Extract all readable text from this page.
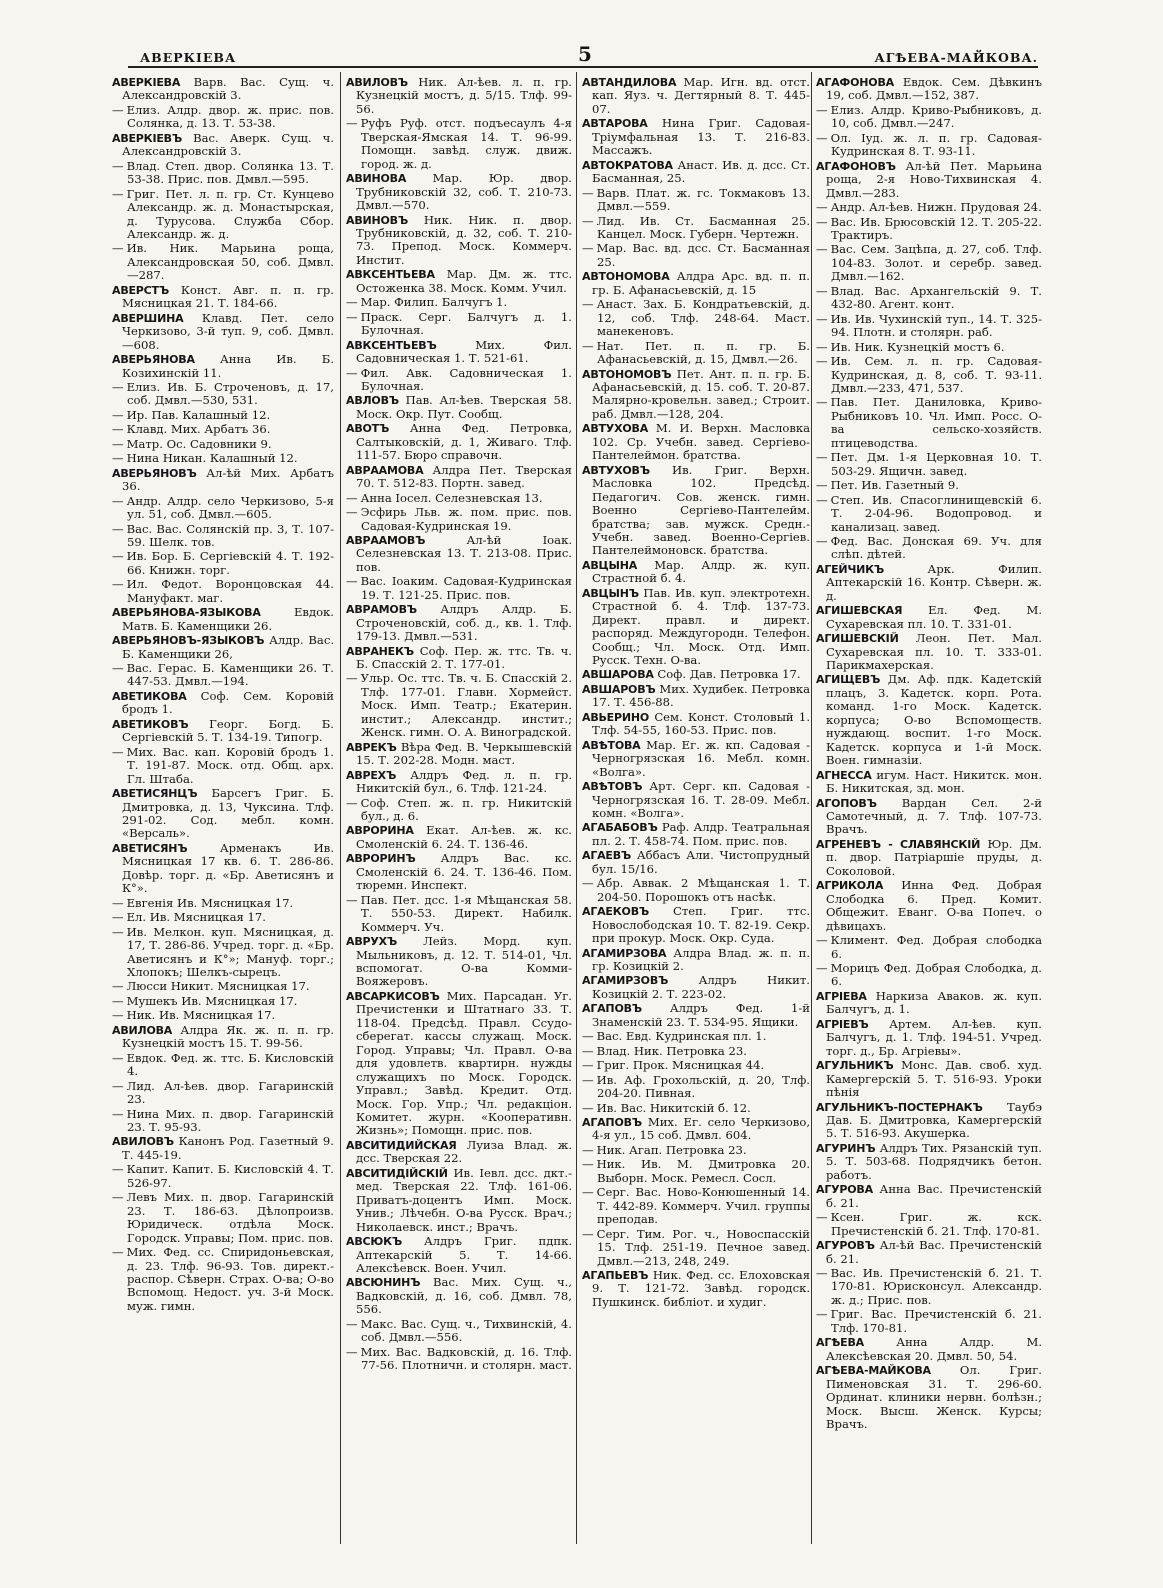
АВЕРКІЕВА	5	АГѢЕВА-МАЙКОВА.
АВЕРКІЕВА Варв. Вас. Сущ. ч. Александровскій 3.
— Елиз. Алдр. двор. ж. прис. пов. Солянка, д. 13. Т. 53-38.
АВЕРКІЕВЪ Вас. Аверк. Сущ. ч. Александровскій 3.
— Влад. Степ. двор. Солянка 13. Т. 53-38. Прис. пов. Дмвл.—595.
— Григ. Пет. л. п. гр. Ст. Кунцево Александр. ж. д. Монастырская, д. Турусова. Служба Сбор. Александр. ж. д.
— Ив. Ник. Марьина роща, Александровская 50, соб. Дмвл.—287.
АВЕРСТЪ Конст. Авг. п. п. гр. Мясницкая 21. Т. 184-66.
АВЕРШИНА Клавд. Пет. село Черкизово, 3-й туп. 9, соб. Дмвл.—608.
АВЕРЬЯНОВА Анна Ив. Б. Козихинскій 11.
— Елиз. Ив. Б. Строченовъ, д. 17, соб. Дмвл.—530, 531.
— Ир. Пав. Калашный 12.
— Клавд. Мих. Арбатъ 36.
— Матр. Ос. Садовники 9.
— Нина Никан. Калашный 12.
АВЕРЬЯНОВЪ Ал-ѣй Мих. Арбатъ 36.
— Андр. Алдр. село Черкизово, 5-я ул. 51, соб. Дмвл.—605.
— Вас. Вас. Солянскій пр. 3, Т. 107-59. Шелк. тов.
— Ив. Бор. Б. Сергіевскій 4. Т. 192-66. Книжн. торг.
— Ил. Федот. Воронцовская 44. Мануфакт. маг.
АВЕРЬЯНОВА-ЯЗЫКОВА	Евдок. Матв. Б. Каменщики 26.
АВЕРЬЯНОВЪ-ЯЗЫКОВЪ Алдр. Вас. Б. Каменщики 26,
— Вас. Герас. Б. Каменщики 26. Т. 447-53. Дмвл.—194.
АВЕТИКОВА Соф. Сем. Коровій бродъ 1.
АВЕТИКОВЪ Георг. Богд. Б. Сергіевскій 5. Т. 134-19. Типогр.
— Мих. Вас. кап. Коровій бродъ 1. Т. 191-87. Моск. отд. Общ. арх. Гл. Штаба.
АВЕТИСЯНЦЪ Барсегъ Григ. Б. Дмитровка, д. 13, Чуксина. Тлф. 291-02. Сод. мебл. комн. «Версаль».
АВЕТИСЯНЪ	Арменакъ Ив. Мясницкая 17 кв. 6. Т. 286-86. Довѣр. торг. д. «Бр. Аветисянъ и К°».
— Евгенія Ив. Мясницкая 17.
— Ел. Ив. Мясницкая 17.
— Ив. Мелкон. куп. Мясницкая, д. 17, Т. 286-86. Учред. торг. д. «Бр. Аветисянъ и К°»; Мануф. торг.; Хлопокъ; Шелкъ-сырецъ.
— Люсси Никит. Мясницкая 17.
— Мушекъ Ив. Мясницкая 17.
— Ник. Ив. Мясницкая 17.
АВИЛОВА Алдра Як. ж. п. п. гр. Кузнецкій мостъ 15. Т. 99-56.
— Евдок. Фед. ж. ттс. Б. Кисловскій 4.
— Лид. Ал-ѣев. двор. Гагаринскій 23.
— Нина Мих. п. двор. Гагаринскій 23. Т. 95-93.
АВИЛОВЪ Канонъ Род. Газетный 9. Т. 445-19.
— Капит. Капит. Б. Кисловскій 4. Т. 526-97.
— Левъ Мих. п. двор. Гагаринскій 23. Т. 186-63. Дѣлопроизв. Юридическ. отдѣла Моск. Городск. Управы; Пом. прис. пов.
— Мих. Фед. сс. Спиридоньевская, д. 23. Тлф. 96-93. Тов. директ.-распор. Сѣверн. Страх. О-ва; О-во Вспомощ. Недост. уч. 3-й Моск. муж. гимн.
АВИЛОВЪ Ник. Ал-ѣев. л. п. гр. Кузнецкій мостъ, д. 5/15. Тлф. 99-56.
— Руфъ Руф. отст. подъесаулъ 4-я Тверская-Ямская 14. Т. 96-99. Помощн. завѣд. служ. движ. город. ж. д.
АВИНОВА Мар. Юр. двор. Трубниковскій 32, соб. Т. 210-73. Дмвл.—570.
АВИНОВЪ Ник. Ник. п. двор. Трубниковскій, д. 32, соб. Т. 210-73. Препод. Моск. Коммерч. Инстит.
АВКСЕНТЬЕВА Мар. Дм. ж. ттс. Остоженка 38. Моск. Комм. Учил.
— Мар. Филип. Балчугъ 1.
— Праск. Серг. Балчугъ д. 1. Булочная.
АВКСЕНТЬЕВЪ	Мих. Фил. Садовническая 1. Т. 521-61.
— Фил. Авк. Садовническая 1. Булочная.
АВЛОВЪ Пав. Ал-ѣев. Тверская 58. Моск. Окр. Пут. Сообщ.
АВОТЪ Анна Фед. Петровка, Салтыковскій, д. 1, Живаго. Тлф. 111-57. Бюро справочн.
АВРААМОВА Алдра Пет. Тверская 70. Т. 512-83. Портн. завед.
— Анна Іосел. Селезневская 13.
— Эсфирь Льв. ж. пом. прис. пов. Садовая-Кудринская 19.
АВРААМОВЪ	Ал-ѣй Іоак. Селезневская 13. Т. 213-08. Прис. пов.
— Вас. Іоаким. Садовая-Кудринская 19. Т. 121-25. Прис. пов.
АВРАМОВЪ Алдръ Алдр. Б. Строченовскій, соб. д., кв. 1. Тлф. 179-13. Дмвл.—531.
АВРАНЕКЪ Соф. Пер. ж. ттс. Тв. ч. Б. Спасскій 2. Т. 177-01.
— Ульр. Ос. ттс. Тв. ч. Б. Спасскій 2. Тлф. 177-01. Главн. Хормейст. Моск. Имп. Театр.; Екатерин. инстит.; Александр. инстит.; Женск. гимн. О. А. Виноградской.
АВРЕКЪ Вѣра Фед. В. Черкышевскій 15. Т. 202-28. Модн. маст.
АВРЕХЪ Алдръ Фед. л. п. гр. Никитскій бул., 6. Тлф. 121-24.
— Соф. Степ. ж. п. гр. Никитскій бул., д. 6.
АВРОРИНА Екат. Ал-ѣев. ж. кс. Смоленскій 6. 24. Т. 136-46.
АВРОРИНЪ Алдръ Вас. кс. Смоленскій 6. 24. Т. 136-46. Пом. тюремн. Инспект.
— Пав. Пет. дсс. 1-я Мѣщанская 58. Т. 550-53. Директ. Набилк. Коммерч. Уч.
АВРУХЪ Лейз. Морд. куп. Мыльниковъ, д. 12. Т. 514-01, Чл. вспомогат. О-ва Комми-Вояжеровъ.
АВСАРКИСОВЪ Мих. Парсадан. Уг. Пречистенки и Штатнаго 33. Т. 118-04. Предсѣд. Правл. Ссудо-сберегат. кассы служащ. Моск. Город. Управы; Чл. Правл. О-ва для удовлетв. квартирн. нужды служащихъ по Моск. Городск. Управл.; Завѣд. Кредит. Отд. Моск. Гор. Упр.; Чл. редакціон. Комитет. журн. «Кооперативн. Жизнь»; Помощн. прис. пов.
АВСИТИДИЙСКАЯ Луиза Влад. ж. дсс. Тверская 22.
АВСИТИДІЙСКІЙ Ив. Іевл. дсс. дкт.-мед. Тверская 22. Тлф. 161-06. Приватъ-доцентъ Имп. Моск. Унив.; Лѣчебн. О-ва Русск. Врач.; Николаевск. инст.; Врачъ.
АВСЮКЪ Алдръ Григ. пдпк. Аптекарскій 5. Т. 14-66. Алексѣевск. Воен. Учил.
АВСЮНИНЪ Вас. Мих. Сущ. ч., Вадковскій, д. 16, соб. Дмвл. 78, 556.
— Макс. Вас. Сущ. ч., Тихвинскій, 4. соб. Дмвл.—556.
— Мих. Вас. Вадковскій, д. 16. Тлф. 77-56. Плотничн. и столярн. маст.
АВТАНДИЛОВА Мар. Игн. вд. отст. кап. Яуз. ч. Дегтярный 8. Т. 445-07.
АВТАРОВА Нина Григ. Садовая-Тріумфальная 13. Т. 216-83. Массажъ.
АВТОКРАТОВА Анаст. Ив. д. дсс. Ст. Басманная, 25.
— Варв. Плат. ж. гс. Токмаковъ 13. Дмвл.—559.
— Лид. Ив. Ст. Басманная 25. Канцел. Моск. Губерн. Чертежн.
— Мар. Вас. вд. дсс. Ст. Басманная 25.
АВТОНОМОВА Алдра Арс. вд. п. п. гр. Б. Афанасьевскій, д. 15
— Анаст. Зах. Б. Кондратьевскій, д. 12, соб. Тлф. 248-64. Маст. манекеновъ.
— Нат. Пет. п. п. гр. Б. Афанасьевскій, д. 15, Дмвл.—26.
АВТОНОМОВЪ Пет. Ант. п. п. гр. Б. Афанасьевскій, д. 15. соб. Т. 20-87. Малярно-кровельн. завед.; Строит. раб. Дмвл.—128, 204.
АВТУХОВА М. И. Верхн. Масловка 102. Ср. Учебн. завед. Сергіево-Пантелеймон. братства.
АВТУХОВЪ Ив. Григ. Верхн. Масловка 102. Предсѣд. Педагогич. Сов. женск. гимн. Военно Сергіево-Пантелейм. братства; зав. мужск. Средн.-Учебн. завед. Военно-Сергіев. Пантелеймоновск. братства.
АВЦЫНА Мар. Алдр. ж. куп. Страстной б. 4.
АВЦЫНЪ Пав. Ив. куп. электротехн. Страстной б. 4. Тлф. 137-73. Директ. правл. и директ. распоряд. Междугородн. Телефон. Сообщ.; Чл. Моск. Отд. Имп. Русск. Техн. О-ва.
АВШАРОВА Соф. Дав. Петровка 17.
АВШАРОВЪ Мих. Худибек. Петровка 17. Т. 456-88.
АВЬЕРИНО Сем. Конст. Столовый 1. Тлф. 54-55, 160-53. Прис. пов.
АВѢТОВА Мар. Ег. ж. кп. Садовая - Черногрязская 16. Мебл. комн. «Волга».
АВѢТОВЪ Арт. Серг. кп. Садовая - Черногрязская 16. Т. 28-09. Мебл. комн. «Волга».
АГАБАБОВЪ Раф. Алдр. Театральная пл. 2. Т. 458-74. Пом. прис. пов.
АГАЕВЪ Аббасъ Али. Чистопрудный бул. 15/16.
— Абр. Аввак. 2 Мѣщанская 1. Т. 204-50. Порошокъ отъ насѣк.
АГАЕКОВЪ Степ. Григ. ттс. Новослободская 10. Т. 82-19. Секр. при прокур. Моск. Окр. Суда.
АГАМИРЗОВА Алдра Влад. ж. п. п. гр. Козицкій 2.
АГАМИРЗОВЪ	Алдръ Никит. Козицкій 2. Т. 223-02.
АГАПОВЪ Алдръ Фед. 1-й Знаменскій 23. Т. 534-95. Ящики.
— Вас. Евд. Кудринская пл. 1.
— Влад. Ник. Петровка 23.
— Григ. Прок. Мясницкая 44.
— Ив. Аф. Грохольскій, д. 20, Тлф. 204-20. Пивная.
— Ив. Вас. Никитскій б. 12.
АГАПОВЪ Мих. Ег. село Черкизово, 4-я ул., 15 соб. Дмвл. 604.
— Ник. Агап. Петровка 23.
— Ник. Ив. М. Дмитровка 20. Выборн. Моск. Ремесл. Сосл.
— Серг. Вас. Ново-Конюшенный 14. Т. 442-89. Коммерч. Учил. группы преподав.
— Серг. Тим. Рог. ч., Новоспасскій 15. Тлф. 251-19. Печное завед. Дмвл.—213, 248, 249.
АГАПЬЕВЪ Ник. Фед. сс. Елоховская 9. Т. 121-72. Завѣд. городск. Пушкинск. библіот. и худиг.
АГАФОНОВА Евдок. Сем. Дѣвкинъ 19, соб. Дмвл.—152, 387.
— Елиз. Алдр. Криво-Рыбниковъ, д. 10, соб. Дмвл.—247.
— Ол. Іуд. ж. л. п. гр. Садовая-Кудринская 8. Т. 93-11.
АГАФОНОВЪ Ал-ѣй Пет. Марьина роща, 2-я Ново-Тихвинская 4. Дмвл.—283.
— Андр. Ал-ѣев. Нижн. Прудовая 24.
— Вас. Ив. Брюсовскій 12. Т. 205-22. Трактиръ.
— Вас. Сем. Зацѣпа, д. 27, соб. Тлф. 104-83. Золот. и серебр. завед. Дмвл.—162.
— Влад. Вас. Архангельскій 9. Т. 432-80. Агент. конт.
— Ив. Ив. Чухинскій туп., 14. Т. 325-94. Плотн. и столярн. раб.
— Ив. Ник. Кузнецкій мостъ 6.
— Ив. Сем. л. п. гр. Садовая-Кудринская, д. 8, соб. Т. 93-11. Дмвл.—233, 471, 537.
— Пав. Пет. Даниловка, Криво-Рыбниковъ 10. Чл. Имп. Росс. О-ва сельско-хозяйств. птицеводства.
— Пет. Дм. 1-я Церковная 10. Т. 503-29. Ящичн. завед.
— Пет. Ив. Газетный 9.
— Степ. Ив. Спасоглинищевскій 6. Т. 2-04-96. Водопровод. и канализац. завед.
— Фед. Вас. Донская 69. Уч. для слѣп. дѣтей.
АГЕЙЧИКЪ	Арк. Филип. Аптекарскій 16. Контр. Сѣверн. ж. д.
АГИШЕВСКАЯ Ел. Фед. М. Сухаревская пл. 10. Т. 331-01.
АГИШЕВСКІЙ Леон. Пет. Мал. Сухаревская пл. 10. Т. 333-01. Парикмахерская.
АГИЩЕВЪ Дм. Аф. пдк. Кадетскій плацъ, 3. Кадетск. корп. Рота. команд. 1-го Моск. Кадетск. корпуса; О-во Вспомоществ. нуждающ. воспит. 1-го Моск. Кадетск. корпуса и 1-й Моск. Воен. гимназіи.
АГНЕССА игум. Наст. Никитск. мон. Б. Никитская, зд. мон.
АГОПОВЪ Вардан Сел. 2-й Самотечный, д. 7. Тлф. 107-73. Врачъ.
АГРЕНЕВЪ - СЛАВЯНСКІЙ Юр. Дм. п. двор. Патріаршіе пруды, д. Соколовой.
АГРИКОЛА Инна Фед. Добрая Слободка 6. Пред. Комит. Общежит. Еванг. О-ва Попеч. о дѣвицахъ.
— Климент. Фед. Добрая слободка 6.
— Морицъ Фед. Добрая Слободка, д. 6.
АГРІЕВА Наркиза Аваков. ж. куп. Балчугъ, д. 1.
АГРІЕВЪ Артем. Ал-ѣев. куп. Балчугъ, д. 1. Тлф. 194-51. Учред. торг. д., Бр. Агріевы».
АГУЛЬНИКЪ Монс. Дав. своб. худ. Камергерскій 5. Т. 516-93. Уроки пѣнія
АГУЛЬНИКЪ-ПОСТЕРНАКЪ Таубэ Дав. Б. Дмитровка, Камергерскій 5. Т. 516-93. Акушерка.
АГУРИНЪ Алдръ Тих. Рязанскій туп. 5. Т. 503-68. Подрядчикъ бетон. работъ.
АГУРОВА Анна Вас. Пречистенскій б. 21.
— Ксен. Григ. ж. кск. Пречистенскій б. 21. Тлф. 170-81.
АГУРОВЪ Ал-ѣй Вас. Пречистенскій б. 21.
— Вас. Ив. Пречистенскій б. 21. Т. 170-81. Юрисконсул. Александр. ж. д.; Прис. пов.
— Григ. Вас. Пречистенскій б. 21. Тлф. 170-81.
АГѢЕВА	Анна Алдр. М. Алексѣевская 20. Дмвл. 50, 54.
АГѢЕВА-МАЙКОВА	Ол. Григ. Пименовская 31. Т. 296-60. Ординат. клиники нервн. болѣзн.; Моск. Высш. Женск. Курсы; Врачъ.
